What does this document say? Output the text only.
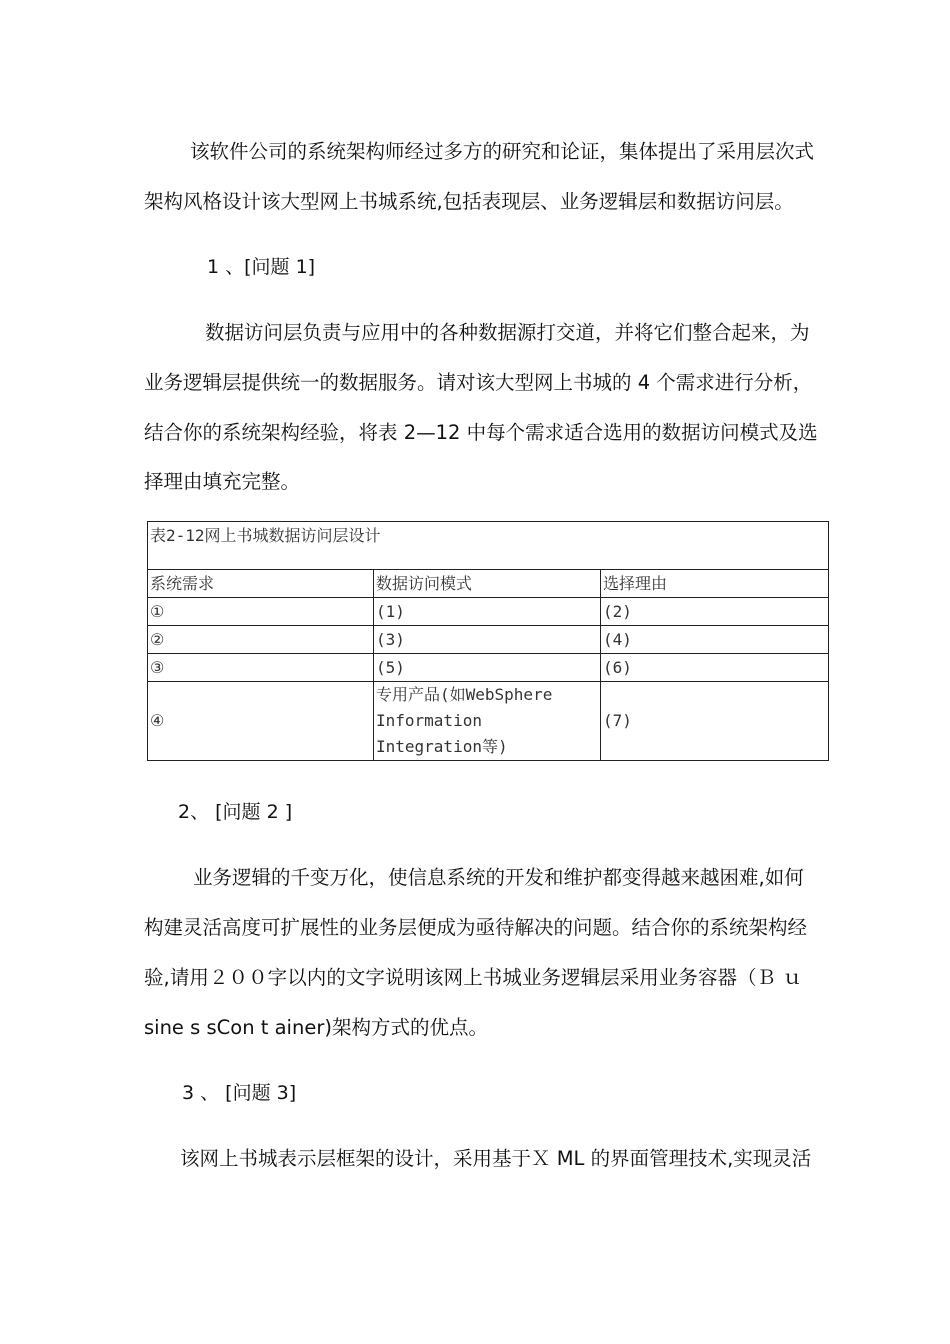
该软件公司的系统架构师经过多方的研究和论证，集体提出了采用层次式

架构风格设计该大型网上书城系统,包括表现层、业务逻辑层和数据访问层。

1 、[问题 1]

数据访问层负责与应用中的各种数据源打交道，并将它们整合起来，为

业务逻辑层提供统一的数据服务。请对该大型网上书城的 4 个需求进行分析，

结合你的系统架构经验，将表 2—12 中每个需求适合选用的数据访问模式及选

择理由填充完整。

表2-12网上书城数据访问层设计		
系统需求	数据访问模式	选择理由
①	(1)	(2)
②	(3)	(4)
③	(5)	(6)
④	专用产品(如WebSphere
Information
Integration等)	(7)

2、 [问题 2 ]

业务逻辑的千变万化，使信息系统的开发和维护都变得越来越困难,如何

构建灵活高度可扩展性的业务层便成为亟待解决的问题。结合你的系统架构经

验,请用２００字以内的文字说明该网上书城业务逻辑层采用业务容器（Ｂ ｕ

sine s sCon t ainer)架构方式的优点。

3 、 [问题 3]

该网上书城表示层框架的设计，采用基于Ｘ ML 的界面管理技术,实现灵活
